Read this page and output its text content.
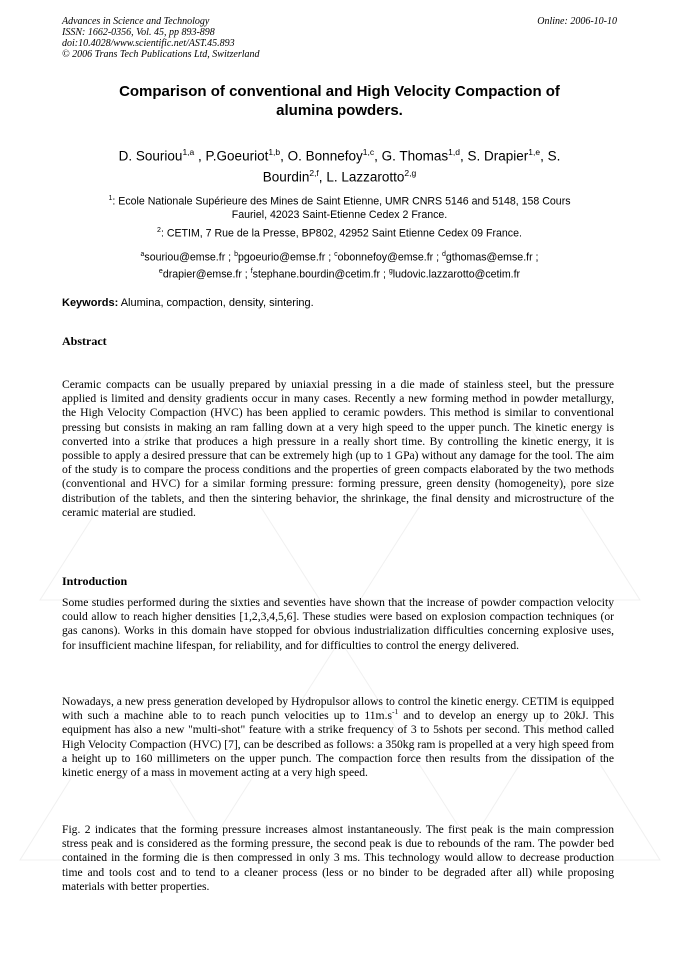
Advances in Science and Technology
ISSN: 1662-0356, Vol. 45, pp 893-898
doi:10.4028/www.scientific.net/AST.45.893
© 2006 Trans Tech Publications Ltd, Switzerland
Online: 2006-10-10
Comparison of conventional and High Velocity Compaction of
alumina powders.
D. Souriou$^{1,a}$ , P.Goeuriot$^{1,b}$, O. Bonnefoy$^{1,c}$, G. Thomas$^{1,d}$, S. Drapier$^{1,e}$, S.
Bourdin$^{2,f}$, L. Lazzarotto$^{2,g}$
$^1$: Ecole Nationale Supérieure des Mines de Saint Etienne, UMR CNRS 5146 and 5148, 158 Cours
Fauriel, 42023 Saint-Etienne Cedex 2 France.
$^2$: CETIM, 7 Rue de la Presse, BP802, 42952 Saint Etienne Cedex 09 France.
$^a$souriou@emse.fr ; $^b$pgoeurio@emse.fr ; $^c$obonnefoy@emse.fr ; $^d$gthomas@emse.fr ;
$^e$drapier@emse.fr ; $^f$stephane.bourdin@cetim.fr ; $^g$ludovic.lazzarotto@cetim.fr
Keywords: Alumina, compaction, density, sintering.
Abstract

Ceramic compacts can be usually prepared by uniaxial pressing in a die made of stainless steel, but the pressure applied is limited and density gradients occur in many cases. Recently a new forming method in powder metallurgy, the High Velocity Compaction (HVC) has been applied to ceramic powders. This method is similar to conventional pressing but consists in making an ram falling down at a very high speed to the upper punch. The kinetic energy is converted into a strike that produces a high pressure in a really short time. By controlling the kinetic energy, it is possible to apply a desired pressure that can be extremely high (up to 1 GPa) without any damage for the tool. The aim of the study is to compare the process conditions and the properties of green compacts elaborated by the two methods (conventional and HVC) for a similar forming pressure: forming pressure, green density (homogeneity), pore size distribution of the tablets, and then the sintering behavior, the shrinkage, the final density and microstructure of the ceramic material are studied.

Introduction

Some studies performed during the sixties and seventies have shown that the increase of powder compaction velocity could allow to reach higher densities [1,2,3,4,5,6]. These studies were based on explosion compaction techniques (or gas canons). Works in this domain have stopped for obvious industrialization difficulties concerning explosive uses, for insufficient machine lifespan, for reliability, and for difficulties to control the energy delivered.

Nowadays, a new press generation developed by Hydropulsor allows to control the kinetic energy. CETIM is equipped with such a machine able to to reach punch velocities up to $11m.s^{-1}$ and to develop an energy up to 20kJ. This equipment has also a new "multi-shot" feature with a strike frequency of 3 to 5shots per second. This method called High Velocity Compaction (HVC) [7], can be described as follows: a 350kg ram is propelled at a very high speed from a height up to 160 millimeters on the upper punch. The compaction force then results from the dissipation of the kinetic energy of a mass in movement acting at a very high speed.

Fig. 2 indicates that the forming pressure increases almost instantaneously. The first peak is the main compression stress peak and is considered as the forming pressure, the second peak is due to rebounds of the ram. The powder bed contained in the forming die is then compressed in only 3 ms. This technology would allow to decrease production time and tools cost and to tend to a cleaner process (less or no binder to be degraded after all) while proposing materials with better properties.
